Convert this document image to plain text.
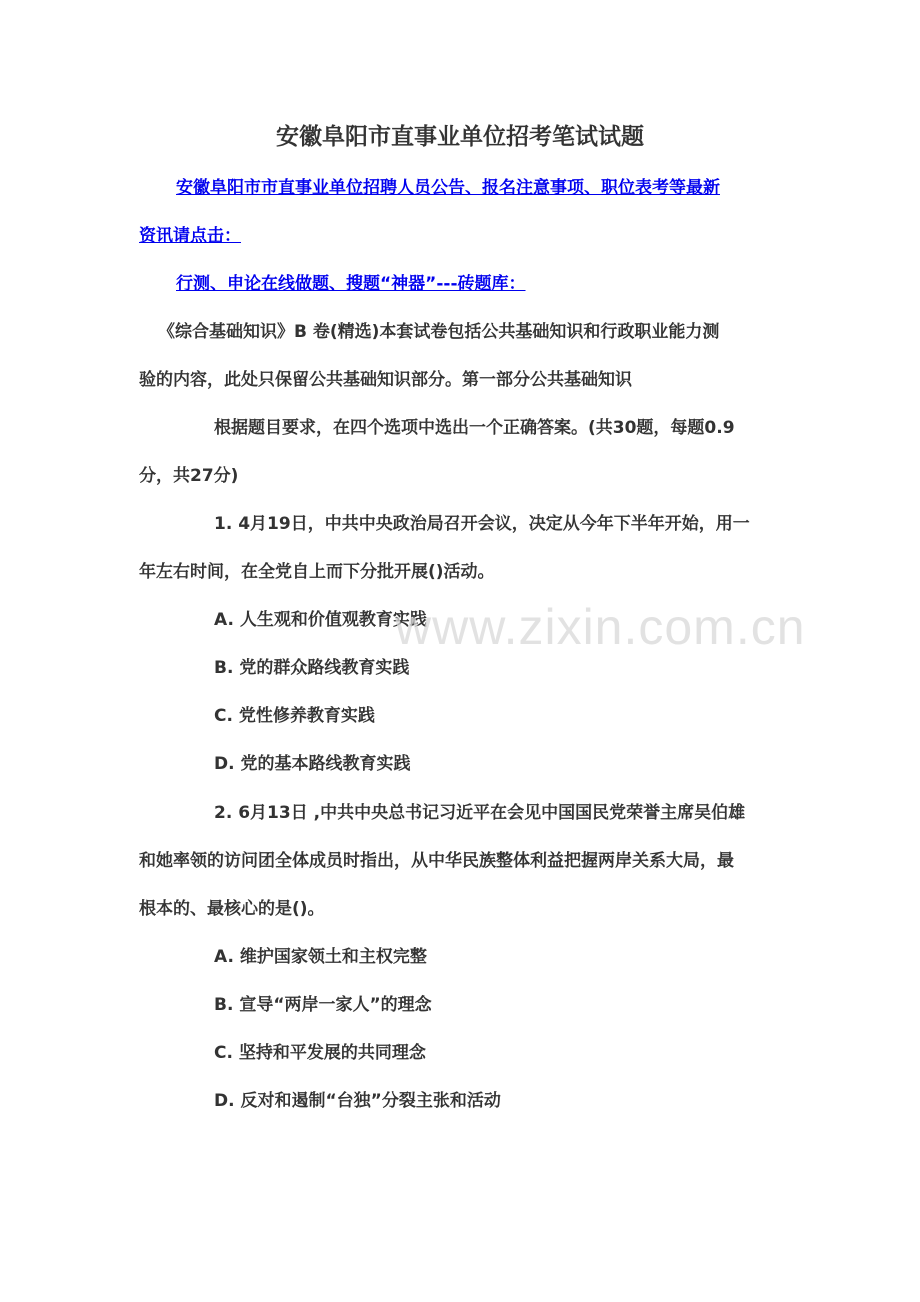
安徽阜阳市直事业单位招考笔试试题
安徽阜阳市市直事业单位招聘人员公告、报名注意事项、职位表考等最新
资讯请点击：
行测、申论在线做题、搜题“神器”---砖题库：
《综合基础知识》B 卷(精选)本套试卷包括公共基础知识和行政职业能力测
验的内容，此处只保留公共基础知识部分。第一部分公共基础知识
根据题目要求，在四个选项中选出一个正确答案。(共30题，每题0.9
分，共27分)
1. 4月19日，中共中央政治局召开会议，决定从今年下半年开始，用一
年左右时间，在全党自上而下分批开展()活动。
A. 人生观和价值观教育实践
B. 党的群众路线教育实践
C. 党性修养教育实践
D. 党的基本路线教育实践
2. 6月13日 ,中共中央总书记习近平在会见中国国民党荣誉主席吴伯雄
和她率领的访问团全体成员时指出，从中华民族整体利益把握两岸关系大局，最
根本的、最核心的是()。
A. 维护国家领土和主权完整
B. 宣导“两岸一家人”的理念
C. 坚持和平发展的共同理念
D. 反对和遏制“台独”分裂主张和活动
www.zixin.com.cn
